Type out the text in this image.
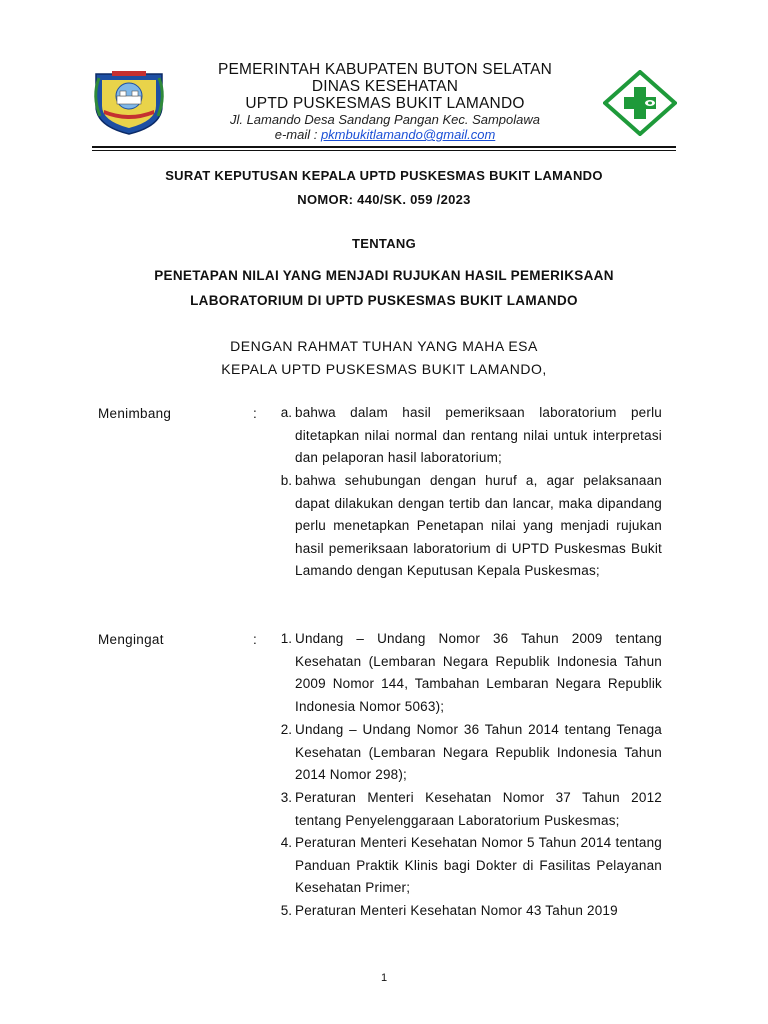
PEMERINTAH KABUPATEN BUTON SELATAN
DINAS KESEHATAN
UPTD PUSKESMAS BUKIT LAMANDO
Jl. Lamando Desa Sandang Pangan Kec. Sampolawa
e-mail : pkmbukitlamando@gmail.com
SURAT KEPUTUSAN KEPALA UPTD PUSKESMAS BUKIT LAMANDO
NOMOR: 440/SK. 059 /2023
TENTANG
PENETAPAN NILAI YANG MENJADI RUJUKAN HASIL PEMERIKSAAN
LABORATORIUM DI UPTD PUSKESMAS BUKIT LAMANDO
DENGAN RAHMAT TUHAN YANG MAHA ESA
KEPALA UPTD PUSKESMAS BUKIT LAMANDO,
Menimbang	:	a. bahwa dalam hasil pemeriksaan laboratorium perlu ditetapkan nilai normal dan rentang nilai untuk interpretasi dan pelaporan hasil laboratorium;
b. bahwa sehubungan dengan huruf a, agar pelaksanaan dapat dilakukan dengan tertib dan lancar, maka dipandang perlu menetapkan Penetapan nilai yang menjadi rujukan hasil pemeriksaan laboratorium di UPTD Puskesmas Bukit Lamando dengan Keputusan Kepala Puskesmas;
Mengingat	:	1. Undang – Undang Nomor 36 Tahun 2009 tentang Kesehatan (Lembaran Negara Republik Indonesia Tahun 2009 Nomor 144, Tambahan Lembaran Negara Republik Indonesia Nomor 5063);
2. Undang – Undang Nomor 36 Tahun 2014 tentang Tenaga Kesehatan (Lembaran Negara Republik Indonesia Tahun 2014 Nomor 298);
3. Peraturan Menteri Kesehatan Nomor 37 Tahun 2012 tentang Penyelenggaraan Laboratorium Puskesmas;
4. Peraturan Menteri Kesehatan Nomor 5 Tahun 2014 tentang Panduan Praktik Klinis bagi Dokter di Fasilitas Pelayanan Kesehatan Primer;
5. Peraturan Menteri Kesehatan Nomor 43 Tahun 2019
1
